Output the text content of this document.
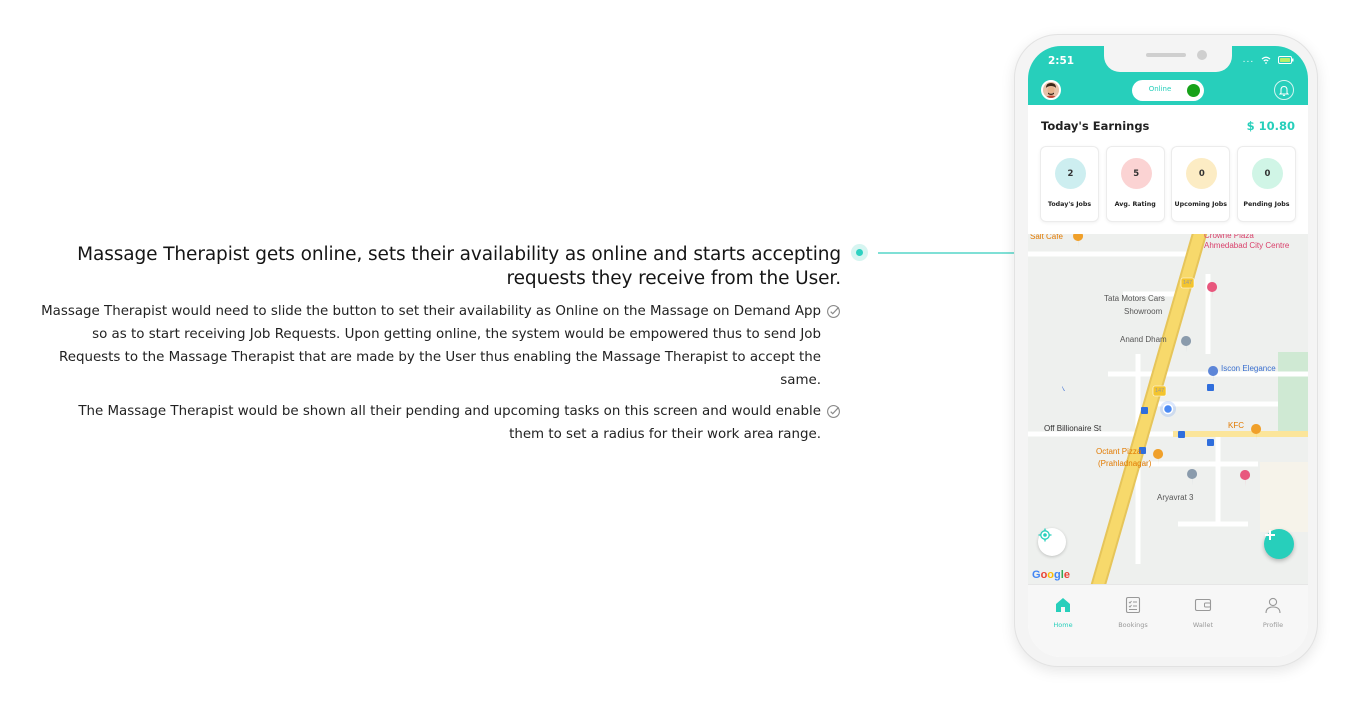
Massage Therapist gets online, sets their availability as online and starts accepting requests they receive from the User.

Massage Therapist would need to slide the button to set their availability as Online on the Massage on Demand App so as to start receiving Job Requests. Upon getting online, the system would be empowered thus to send Job Requests to the Massage Therapist that are made by the User thus enabling the Massage Therapist to accept the same.

The Massage Therapist would be shown all their pending and upcoming tasks on this screen and would enable them to set a radius for their work area range.

2:51	...
Online
Today's Earnings	$ 10.80
2
Today's Jobs
5
Avg. Rating
0
Upcoming Jobs
0
Pending Jobs
Salt Cafe	Crowne Plaza
Ahmedabad City Centre
Tata Motors Cars
Showroom
Anand Dham
Iscon Elegance
Off Billionaire St	KFC
Octant Pizza
(Prahladnagar)
Aryavrat 3
147
147
Google
Home	Bookings	Wallet	Profile
